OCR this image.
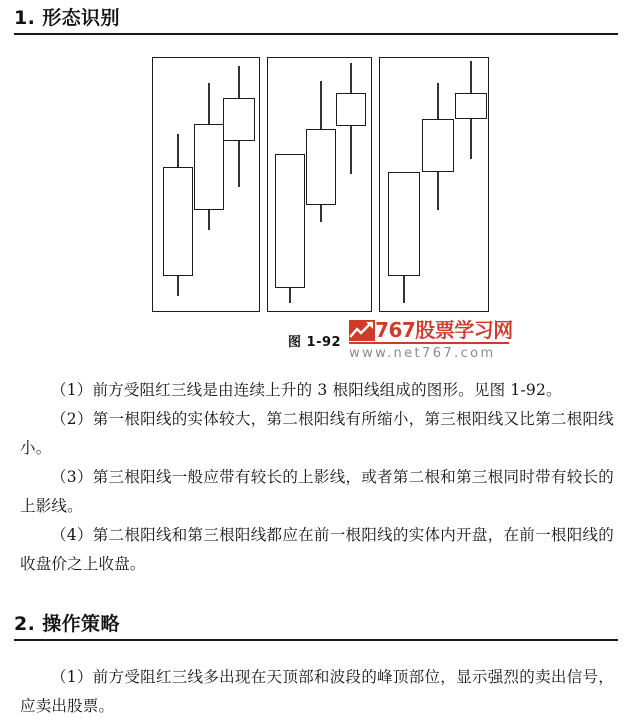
1. 形态识别
图 1-92
767股票学习网
www.net767.com

（1）前方受阻红三线是由连续上升的 3 根阳线组成的图形。见图 1-92。

（2）第一根阳线的实体较大，第二根阳线有所缩小，第三根阳线又比第二根阳线小。

（3）第三根阳线一般应带有较长的上影线，或者第二根和第三根同时带有较长的上影线。

（4）第二根阳线和第三根阳线都应在前一根阳线的实体内开盘，在前一根阳线的收盘价之上收盘。

2. 操作策略

（1）前方受阻红三线多出现在天顶部和波段的峰顶部位，显示强烈的卖出信号，应卖出股票。
